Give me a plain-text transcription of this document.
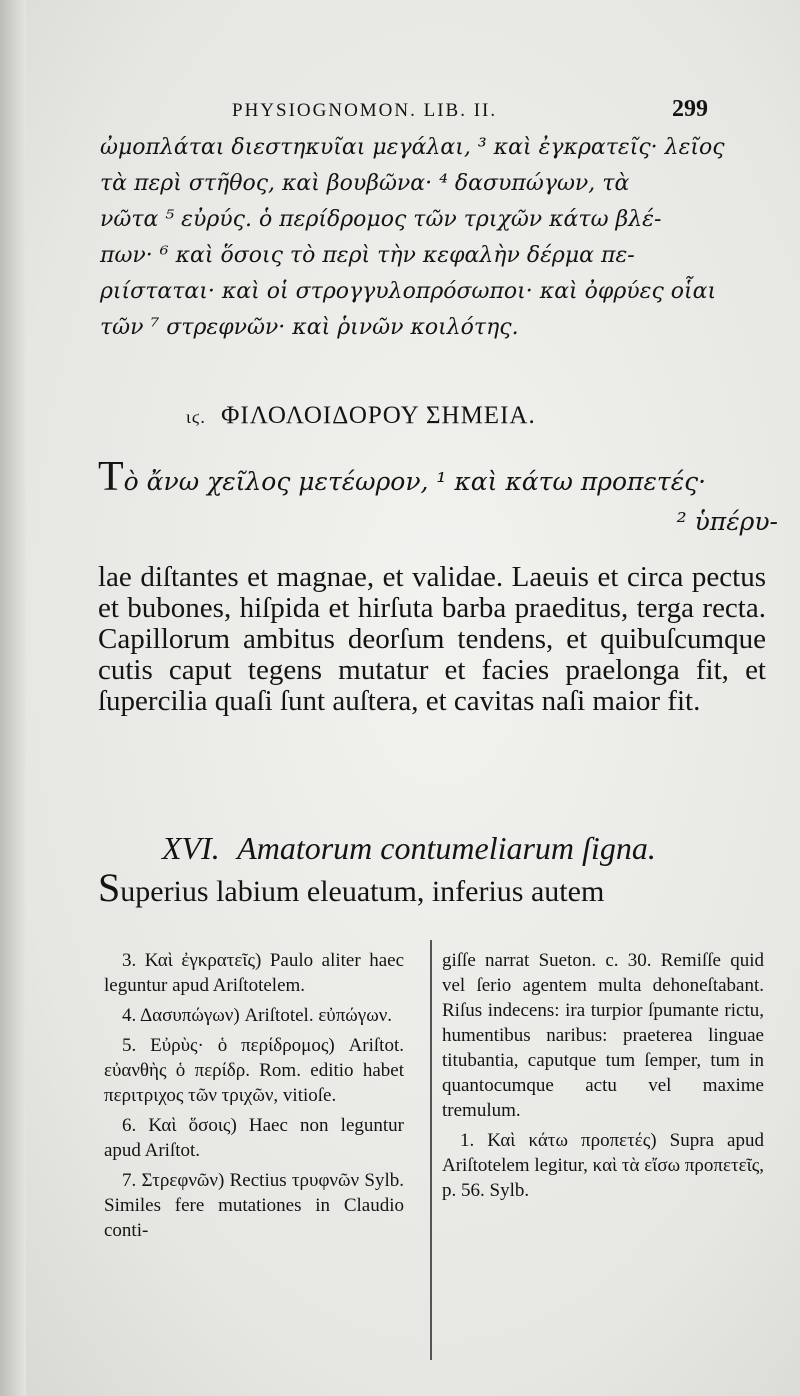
PHYSIOGNOMON. LIB. II.	299
ὠμοπλάται διεστηκυῖαι μεγάλαι, ³ καὶ ἐγκρατεῖς· λεῖος
τὰ περὶ στῆθος, καὶ βουβῶνα· ⁴ δασυπώγων, τὰ
νῶτα ⁵ εὐρύς. ὁ περίδρομος τῶν τριχῶν κάτω βλέ-
πων· ⁶ καὶ ὅσοις τὸ περὶ τὴν κεφαλὴν δέρμα πε-
ριίσταται· καὶ οἱ στρογγυλοπρόσωποι· καὶ ὀφρύες οἷαι
τῶν ⁷ στρεφνῶν· καὶ ῥινῶν κοιλότης.
ιϛ. ΦΙΛΟΛΟΙΔΟΡΟΥ ΣΗΜΕΙΑ.
Τὸ ἄνω χεῖλος μετέωρον, ¹ καὶ κάτω προπετές·
² ὑπέρυ-
lae diſtantes et magnae, et validae. Laeuis et circa pectus et bubones, hiſpida et hirſuta barba praeditus, terga recta. Capillorum ambitus deorſum tendens, et quibuſcumque cutis caput tegens mutatur et facies praelonga fit, et ſupercilia quaſi ſunt auſtera, et cavitas naſi maior fit.
XVI. Amatorum contumeliarum ſigna.
Superius labium eleuatum, inferius autem

3. Καὶ ἐγκρατεῖς) Paulo aliter haec leguntur apud Ariſtotelem.

4. Δασυπώγων) Ariſtotel. εὐπώγων.

5. Εὐρὺς· ὁ περίδρομος) Ariſtot. εὐανθὴς ὁ περίδρ. Rom. editio habet περιτριχος τῶν τριχῶν, vitioſe.

6. Καὶ ὅσοις) Haec non leguntur apud Ariſtot.

7. Στρεφνῶν) Rectius τρυφνῶν Sylb. Similes fere mutationes in Claudio conti-

giſſe narrat Sueton. c. 30. Remiſſe quid vel ſerio agentem multa dehoneſtabant. Riſus indecens: ira turpior ſpumante rictu, humentibus naribus: praeterea linguae titubantia, caputque tum ſemper, tum in quantocumque actu vel maxime tremulum.

1. Καὶ κάτω προπετές) Supra apud Ariſtotelem legitur, καὶ τὰ εἴσω προπετεῖς, p. 56. Sylb.
